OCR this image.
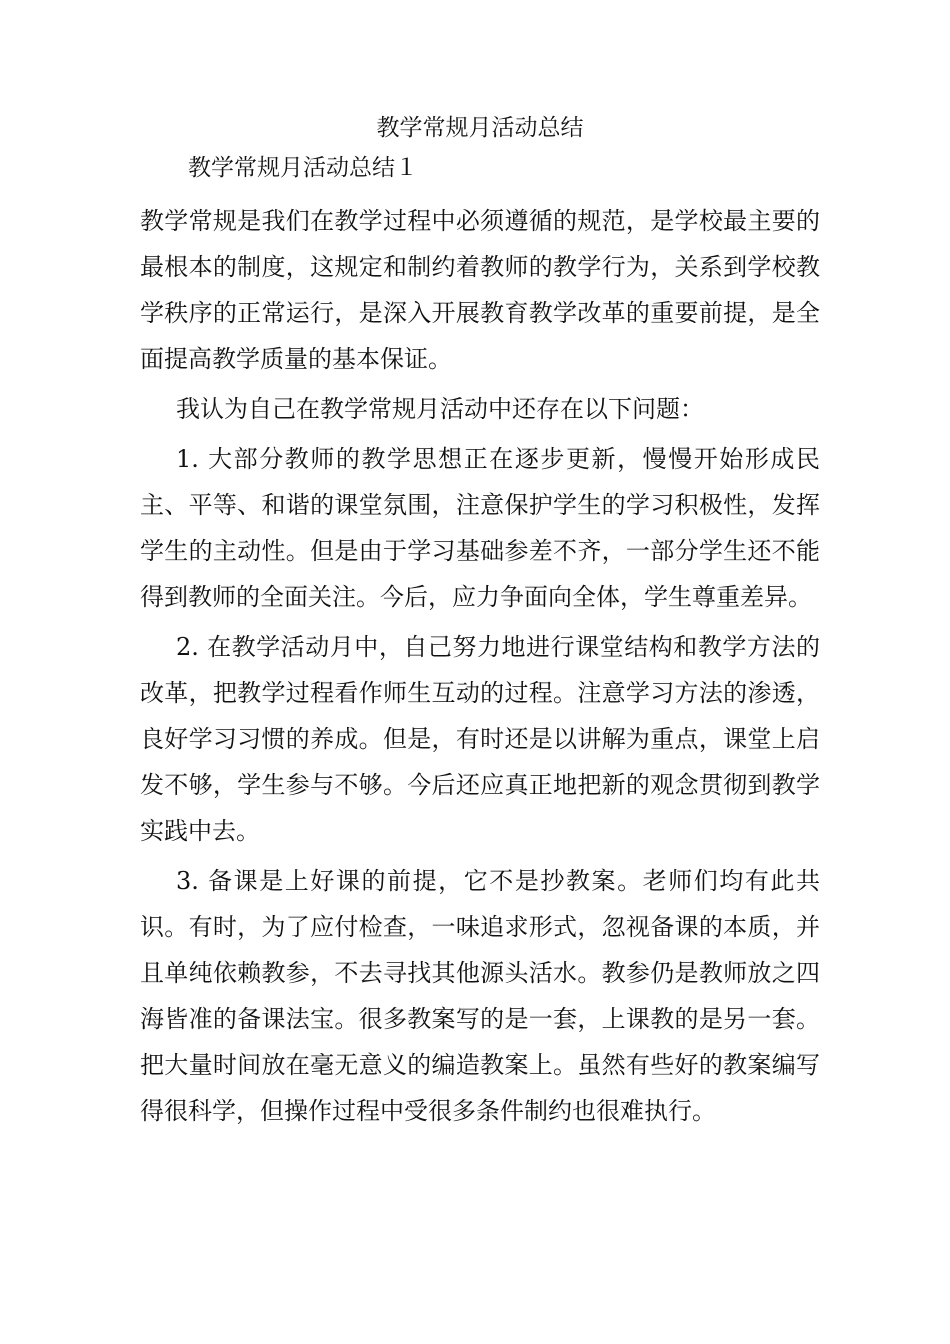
教学常规月活动总结
教学常规月活动总结１

教学常规是我们在教学过程中必须遵循的规范，是学校最主要的最根本的制度，这规定和制约着教师的教学行为，关系到学校教学秩序的正常运行，是深入开展教育教学改革的重要前提，是全面提高教学质量的基本保证。

我认为自己在教学常规月活动中还存在以下问题：

1. 大部分教师的教学思想正在逐步更新，慢慢开始形成民主、平等、和谐的课堂氛围，注意保护学生的学习积极性，发挥学生的主动性。但是由于学习基础参差不齐，一部分学生还不能得到教师的全面关注。今后，应力争面向全体，学生尊重差异。

2. 在教学活动月中，自己努力地进行课堂结构和教学方法的改革，把教学过程看作师生互动的过程。注意学习方法的渗透，良好学习习惯的养成。但是，有时还是以讲解为重点，课堂上启发不够，学生参与不够。今后还应真正地把新的观念贯彻到教学实践中去。

3. 备课是上好课的前提，它不是抄教案。老师们均有此共识。有时，为了应付检查，一味追求形式，忽视备课的本质，并且单纯依赖教参，不去寻找其他源头活水。教参仍是教师放之四海皆准的备课法宝。很多教案写的是一套，上课教的是另一套。把大量时间放在毫无意义的编造教案上。虽然有些好的教案编写得很科学，但操作过程中受很多条件制约也很难执行。
